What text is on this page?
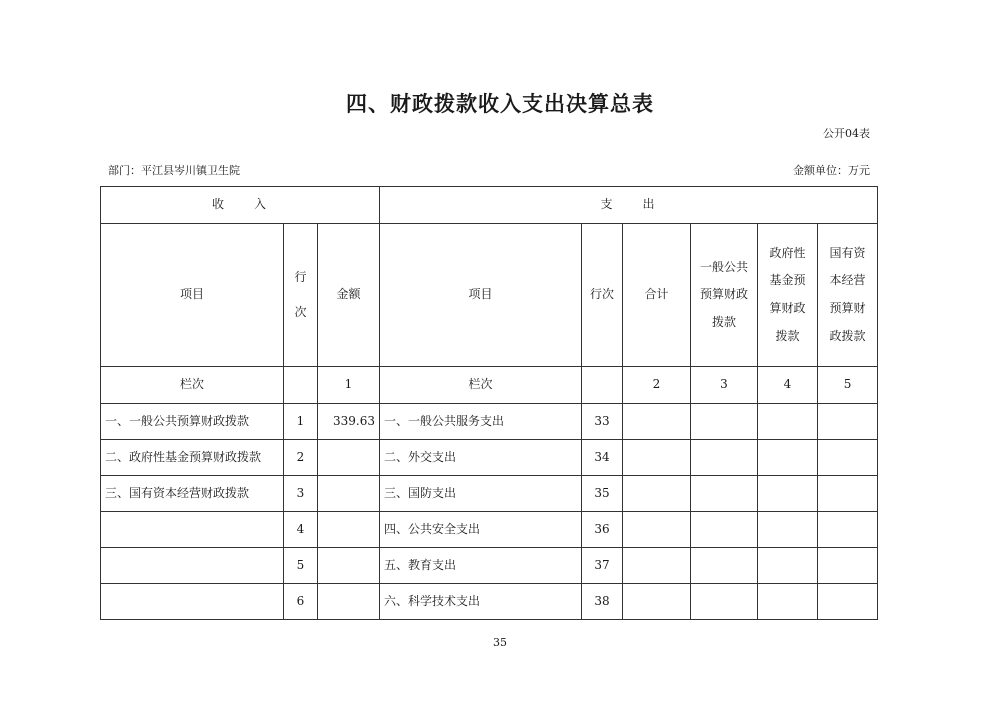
四、财政拨款收入支出决算总表
公开04表
部门：平江县岑川镇卫生院	金额单位：万元
收　　入			支　　出					
项目	行次	金额	项目	行次	合计	一般公共预算财政拨款	政府性基金预算财政拨款	国有资本经营预算财政拨款
栏次		1	栏次		2	3	4	5
一、一般公共预算财政拨款	1	339.63	一、一般公共服务支出	33				
二、政府性基金预算财政拨款	2		二、外交支出	34				
三、国有资本经营财政拨款	3		三、国防支出	35				
	4		四、公共安全支出	36				
	5		五、教育支出	37				
	6		六、科学技术支出	38				
35
